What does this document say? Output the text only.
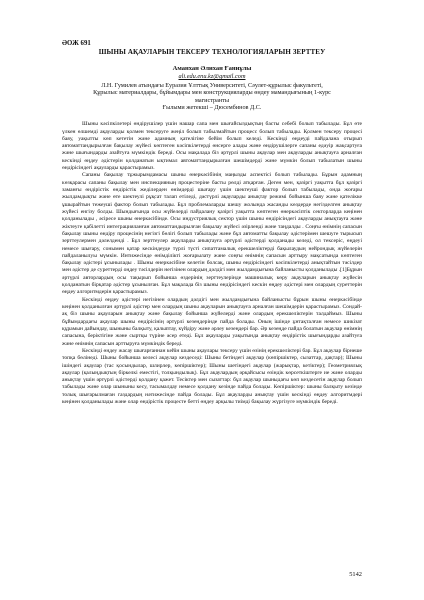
ӘОЖ 691
ШЫНЫ АҚАУЛАРЫН ТЕКСЕРУ ТЕХНОЛОГИЯЛАРЫН ЗЕРТТЕУ
Аманхан Әлихан Ғаниұлы
ali.edu.enu.kz@gmail.com
Л.Н. Гумилев атындағы Еуразия Ұлттық Университеті, Сәулет-құрылыс факультеті,
Құрылыс материалдары, бұйымдары мен конструкцияларды өндеу мамандығының 1-курс
магистранты
Ғылыми жетекші – Дюсембинов Д.С.

Шыны кәсіпкілетері өндірушілер үшін нашар сапа мен шығайсыздықтың басты себебі болып табылады. Бұл өте үлкен өлшемді ақауларды қолмен тексеруге жеңіл болып табылмайтын процесс болып табылады. Қолмен тексеру процесі баяу, уақытты көп кететін және адамның қателігіне бейім болып келеді. Кескінді өңдеуді пайдалана отырып автоматтандырылған бақылау жүйесі көптеген кәсіпкілетерді өнсерге алады және өндірушілерге сапаны едәуір жақсартуға және шығындарды азайтуға мүмкіндік береді. Осы мақалада біз әртүрлі шыны ақаулар мен ақауларды анықтауға арналған кескінді өңдеу әдістерін қолданатын ықтимал автоматтандырылған шешімдерді және мүмкін болып табылатын шыны өндірісіндегі ақауларды қарастырамыз.

Сапаны бақылау тұжырымдамасы шыны өнеркәсібінің маңызды аспектісі болып табылады. Бұрын адамның көзқарасы сапаны бақылау мен инспекцияның процестеріне басты рөлді атқарған. Деген мен, қазіргі уақытта бұл қазіргі заманғы өндірістік өндірістік жеділерден өнімдерді шығару үшін шектеуші фактор болып табылады, онда жоғары жылдамдықты және өте шектеулі рұқсат талап етіледі, дәстүрлі ақауларды анықтау режимі бойынша баяу және қателікке ұшырайтын тежеуші фактор болып табылады. Бұл проблемаларды шешу жолында жасанды көздерде негізделген анықтау жүйесі енгізу болды. Шындығында осы жүйелерді пайдалану қазіргі уақытта көптеген өнеркәсіптік секторларда кеңінен қолданылады , әсіресе шыны өнеркәсібінде. Осы индустриялық сектор үшін шыны өндірісіндегі ақауларды анықтауға және жіктеуге қабілетті интеграцияланған автоматтандырылған бақылау жүйесі әзірленді және таңдалды . Соңғы өнімнің сапасын бақылау шыны өндіру процесінің негізгі бөлігі болып табылады және бұл автоматты бақылау әдістерімен шешуге тырысып зерттеулермен дәлелденді . Бұл зерттеулер ақауларды анықтауға әртүрлі әдістерді қолданады келеді, ол тексеріс, өңдеуі немесе шығару, сонымен қатар кескіндеуде түрлі түсті сипаттамалық ерекшеліктерді бақылаудың нейрондық жүйелерін пайдаланылуы мүмкін. Интижесінде өнімділікті жоғарылату және соңғы өнімнің сапасын арттыру мақсатында көптеген бақылау әдістері ұсынылады . Шыны өнеркәсібіне келетін болсақ, шыны өндірісіндегі кәсіпкілетерді анықтайтын тәсілдер мен әдістер де суреттерді оңдеу тәсілдерін негізінен олардың дәлдігі мен жылдамдығына байланысты қолданылады .[1]Бұрын әртүрлі авторлардың осы тақырып бойынша өздерінің зерттеулерінде машиналық көру ақауларын анықтау жүйесін қолданатын бірқатар әдістер ұсынылған. Бұл мақалада біз шыны өндірісіндегі кескін өңдеу әдістері мен олардың суреттерін өңдеу алгоритмдерін қарастырамыз.

Кескінді өңдеу әдістері негізінен олардың дәлдігі мен жылдамдығына байланысты бұрын шыны өнеркәсібінде кеңінен қолданылған әртүрлі әдістер мен олардың шыны ақауларын анықтауға арналған шешімдерін қарастырамыз. Сондай-ақ біз шыны ақауларын анықтау және бақылау бойынша жүйелерді және олардың ерекшеліктерін талдаймыз. Шыны бұйымдардағы ақаулар шыны өндірісінің әртүрлі кезеңдерінде пайда болады. Оның ішінде ұнтақталған немесе шикізат құрамын дайындау, шыныны балқыту, қалыптау, күйдіру және әрлеу кезеңдері бар. Әр кезеңде пайда болатын ақаулар өнімнің сапасына, беріктігіне және сыртқы түріне әсер етеді. Бұл ақауларды уақытында анықтау өндірістік шығындарды азайтуға және өнімнің сапасын арттыруға мүмкіндік береді.

Кескінді өңдеу жасау шығарғаннан кейін шыны ақаулары тексеру үшін өзінің ерекшеліктері бар. Бұл ақаулар бірнеше топқа бөлінеді. Шыны бойынша келесі ақаулар кездеседі: Шыны бетіндегі ақаулар (көпіршіктер, сызаттар, дақтар); Шыны ішіндегі ақаулар (тас қосындылар, шлирлер, көпіршіктер); Шыны шетіндегі ақаулар (жарықтар, кетіктер); Геометриялық ақаулар (қалыңдықтың біркелкі еместігі, толқындылық). Бұл ақаулардың әрқайсысы өзіндік көрсеткіштерге ие және оларды анықтау үшін әртүрлі әдістерді қолдану қажет. Тесіктер мен сызаттар: бұл ақаулар шыныдағы көп кездесетін ақаулар болып табылады және олар шыныны кесу, тасымалдау немесе қолдану кезінде пайда болады. Көпіршіктер: шыны балқыту кезінде толық шығарылмаған газдардың нәтижесінде пайда болады. Бұл ақауларды анықтау үшін кескінді өңдеу алгоритмдері кеңінен қолданылады және олар өндірістік процесте бетті өңдеу арқылы тиімді бақылау жүргізуге мүмкіндік береді.

5142
